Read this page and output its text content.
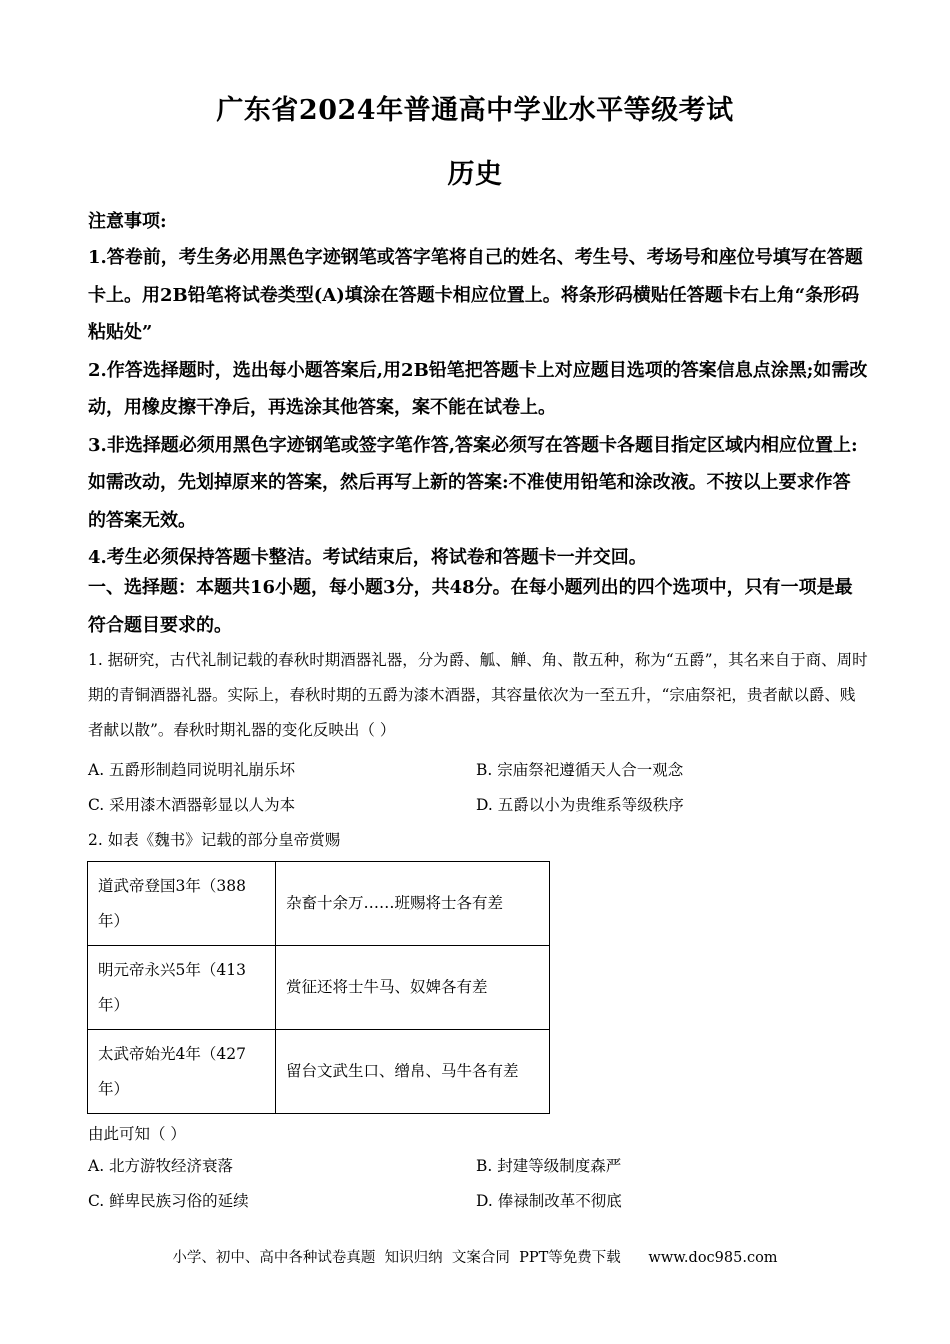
广东省2024年普通高中学业水平等级考试
历史
注意事项:

1.答卷前，考生务必用黑色字迹钢笔或答字笔将自己的姓名、考生号、考场号和座位号填写在答题卡上。用2B铅笔将试卷类型(A)填涂在答题卡相应位置上。将条形码横贴任答题卡右上角“条形码粘贴处”

2.作答选择题时，选出每小题答案后,用2B铅笔把答题卡上对应题目选项的答案信息点涂黑;如需改动，用橡皮擦干净后，再选涂其他答案，案不能在试卷上。

3.非选择题必须用黑色字迹钢笔或签字笔作答,答案必须写在答题卡各题目指定区域内相应位置上:如需改动，先划掉原来的答案，然后再写上新的答案:不准使用铅笔和涂改液。不按以上要求作答的答案无效。

4.考生必须保持答题卡整洁。考试结束后，将试卷和答题卡一并交回。

一、选择题：本题共16小题，每小题3分，共48分。在每小题列出的四个选项中，只有一项是最符合题目要求的。

1. 据研究，古代礼制记载的春秋时期酒器礼器，分为爵、觚、觯、角、散五种，称为“五爵”，其名来自于商、周时期的青铜酒器礼器。实际上，春秋时期的五爵为漆木酒器，其容量依次为一至五升，“宗庙祭祀，贵者献以爵、贱者献以散”。春秋时期礼器的变化反映出（ ）
A. 五爵形制趋同说明礼崩乐坏	B. 宗庙祭祀遵循天人合一观念
C. 采用漆木酒器彰显以人为本	D. 五爵以小为贵维系等级秩序
2. 如表《魏书》记载的部分皇帝赏赐
道武帝登国3年（388年）	杂畜十余万……班赐将士各有差
明元帝永兴5年（413年）	赏征还将士牛马、奴婢各有差
太武帝始光4年（427年）	留台文武生口、缯帛、马牛各有差
由此可知（ ）
A. 北方游牧经济衰落	B. 封建等级制度森严
C. 鲜卑民族习俗的延续	D. 俸禄制改革不彻底
小学、初中、高中各种试卷真题  知识归纳  文案合同  PPT等免费下载      www.doc985.com
